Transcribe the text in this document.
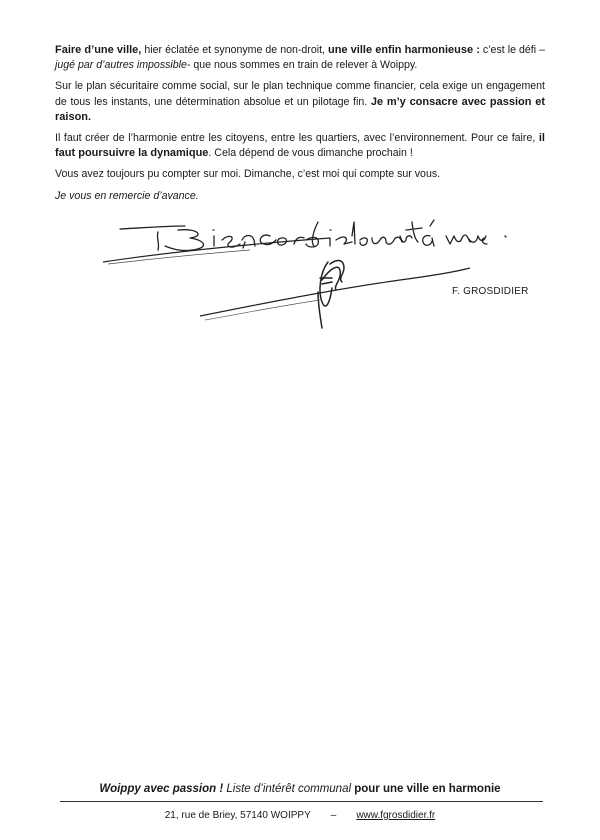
Faire d’une ville, hier éclatée et synonyme de non-droit, une ville enfin harmonieuse : c’est le défi –jugé par d’autres impossible- que nous sommes en train de relever à Woippy.

Sur le plan sécuritaire comme social, sur le plan technique comme financier, cela exige un engagement de tous les instants, une détermination absolue et un pilotage fin. Je m’y consacre avec passion et raison.

Il faut créer de l’harmonie entre les citoyens, entre les quartiers, avec l’environnement. Pour ce faire, il faut poursuivre la dynamique. Cela dépend de vous dimanche prochain !

Vous avez toujours pu compter sur moi. Dimanche, c’est moi qui compte sur vous.

Je vous en remercie d’avance.

F. GROSDIDIER
Woippy avec passion ! Liste d’intérêt communal pour une ville en harmonie
21, rue de Briey, 57140 WOIPPY – www.fgrosdidier.fr
